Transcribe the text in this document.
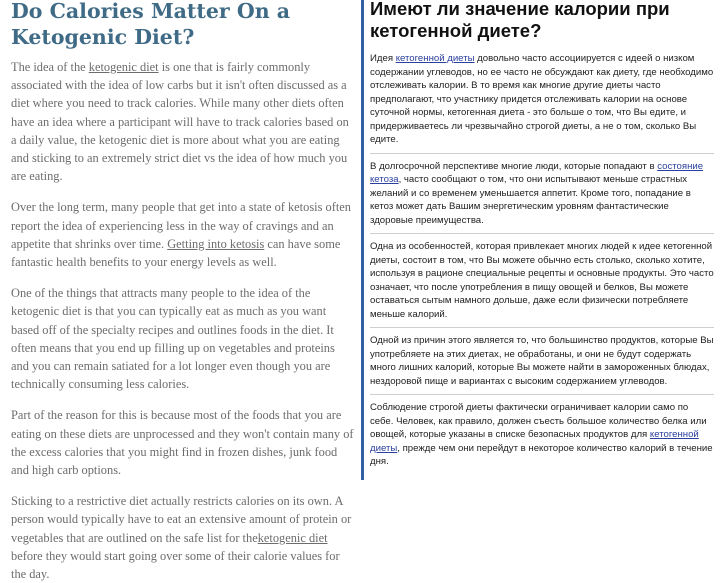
Do Calories Matter On a Ketogenic Diet?

The idea of the ketogenic diet is one that is fairly commonly associated with the idea of low carbs but it isn't often discussed as a diet where you need to track calories. While many other diets often have an idea where a participant will have to track calories based on a daily value, the ketogenic diet is more about what you are eating and sticking to an extremely strict diet vs the idea of how much you are eating.

Over the long term, many people that get into a state of ketosis often report the idea of experiencing less in the way of cravings and an appetite that shrinks over time. Getting into ketosis can have some fantastic health benefits to your energy levels as well.

One of the things that attracts many people to the idea of the ketogenic diet is that you can typically eat as much as you want based off of the specialty recipes and outlines foods in the diet. It often means that you end up filling up on vegetables and proteins and you can remain satiated for a lot longer even though you are technically consuming less calories.

Part of the reason for this is because most of the foods that you are eating on these diets are unprocessed and they won't contain many of the excess calories that you might find in frozen dishes, junk food and high carb options.

Sticking to a restrictive diet actually restricts calories on its own. A person would typically have to eat an extensive amount of protein or vegetables that are outlined on the safe list for theketogenic diet before they would start going over some of their calorie values for the day.

Имеют ли значение калории при кетогенной диете?

Идея кетогенной диеты довольно часто ассоциируется с идеей о низком содержании углеводов, но ее часто не обсуждают как диету, где необходимо отслеживать калории. В то время как многие другие диеты часто предполагают, что участнику придется отслеживать калории на основе суточной нормы, кетогенная диета - это больше о том, что Вы едите, и придерживаетесь ли чрезвычайно строгой диеты, а не о том, сколько Вы едите.

В долгосрочной перспективе многие люди, которые попадают в состояние кетоза, часто сообщают о том, что они испытывают меньше страстных желаний и со временем уменьшается аппетит. Кроме того, попадание в кетоз может дать Вашим энергетическим уровням фантастические здоровые преимущества.

Одна из особенностей, которая привлекает многих людей к идее кетогенной диеты, состоит в том, что Вы можете обычно есть столько, сколько хотите, используя в рационе специальные рецепты и основные продукты. Это часто означает, что после употребления в пищу овощей и белков, Вы можете оставаться сытым намного дольше, даже если физически потребляете меньше калорий.

Одной из причин этого является то, что большинство продуктов, которые Вы употребляете на этих диетах, не обработаны, и они не будут содержать много лишних калорий, которые Вы можете найти в замороженных блюдах, нездоровой пище и вариантах с высоким содержанием углеводов.

Соблюдение строгой диеты фактически ограничивает калории само по себе. Человек, как правило, должен съесть большое количество белка или овощей, которые указаны в списке безопасных продуктов для кетогенной диеты, прежде чем они перейдут в некоторое количество калорий в течение дня.
